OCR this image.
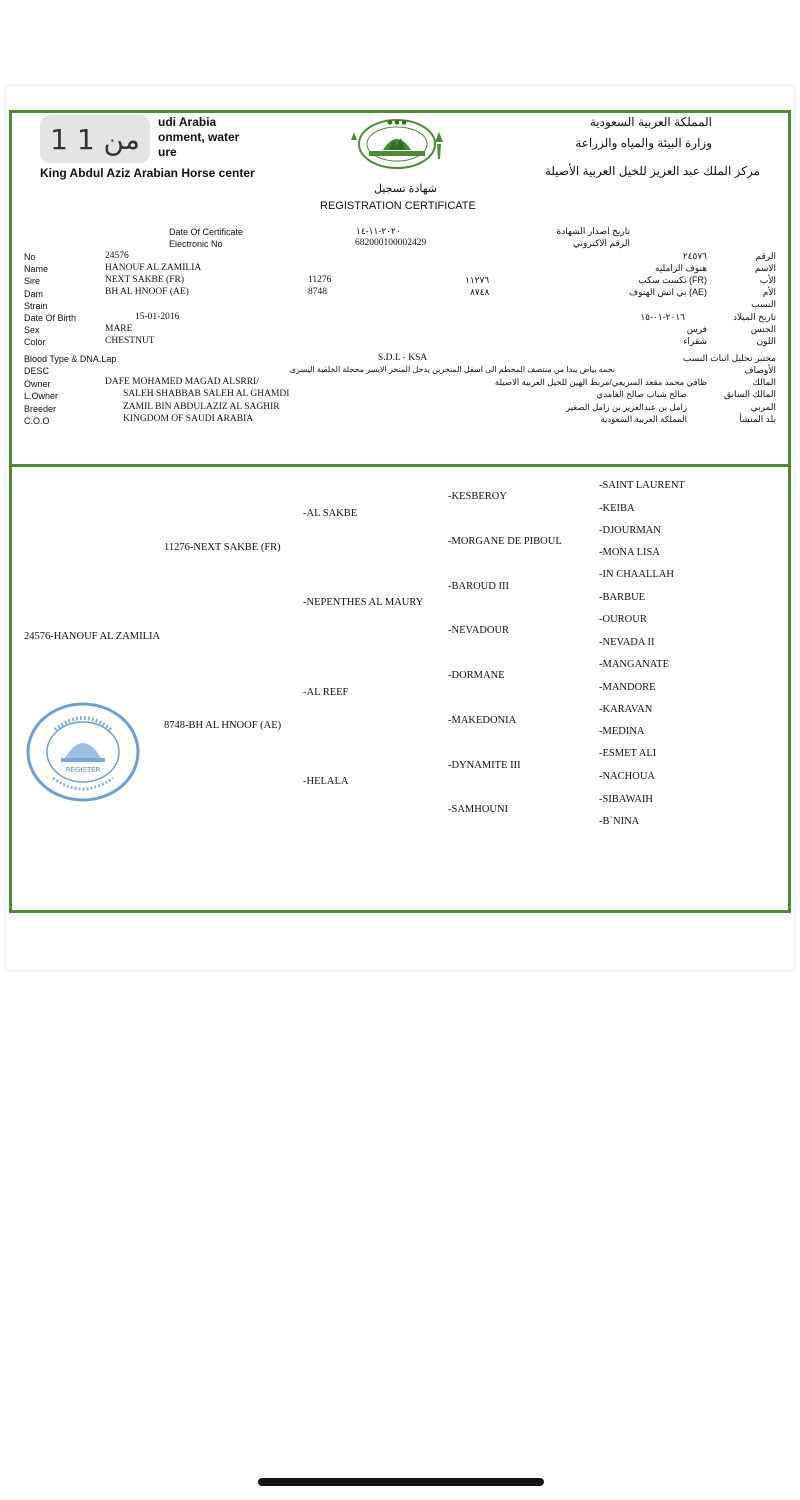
1 من 1
udi Arabia
onment, water
ure
King Abdul Aziz Arabian Horse center
المملكة العربية السعودية
وزارة البيئة والمياه والزراعة
مركز الملك عبد العزيز للخيل العربية الأصيلة
● ● ●
شهادة تسجيل
REGISTRATION CERTIFICATE
Date Of Certificate	٢٠٢٠-١١-١٤	تاريخ اصدار الشهادة
Electronic No	682000100002429	الرقم الاكتروني
No	24576	٢٤٥٧٦	الرقم
Name	HANOUF AL ZAMILIA	هنوف الزامليه	الاسم
Sire	NEXT SAKBE (FR)	11276	١١٢٧٦	(FR) نكست سكب	الأب
Dam	BH AL HNOOF (AE)	8748	٨٧٤٨	(AE) بي اتش الهنوف	الأم
Strain	النسب
Date Of Birth	15-01-2016	٢٠١٦-٠١-١٥	تاريخ الميلاد
Sex	MARE	فرس	الجنس
Color	CHESTNUT	شقراء	اللون
Blood Type & DNA.Lap	S.D.L - KSA	مختبر تحليل اثبات النسب
DESC	نجمه بياض يبدا من منتصف المخطم الى اسفل المنخرين يدخل المنخر الايسر محجلة الخلفية اليسرى	الأوصاف
Owner	DAFE MOHAMED MAGAD ALSRRI/	ظافي محمد مقعد السريعي/مربط الهين للخيل العربية الاصيلة	المالك
L.Owner	SALEH SHABBAB SALEH AL GHAMDI	صالح شباب صالح الغامدي	المالك السابق
Breeder	ZAMIL BIN ABDULAZIZ AL SAGHIR	زامل بن عبدالعزيز بن زامل الصغير	المربي
C.O.O	KINGDOM OF SAUDI ARABIA	المملكة العربية السعودية	بلد المنشأ
24576-HANOUF AL ZAMILIA
11276-NEXT SAKBE (FR)
8748-BH AL HNOOF (AE)
-AL SAKBE
-NEPENTHES AL MAURY
-AL REEF
-HELALA
-KESBEROY
-MORGANE DE PIBOUL
-BAROUD III
-NEVADOUR
-DORMANE
-MAKEDONIA
-DYNAMITE III
-SAMHOUNI
-SAINT LAURENT
-KEIBA
-DJOURMAN
-MONA LISA
-IN CHAALLAH
-BARBUE
-OUROUR
-NEVADA II
-MANGANATE
-MANDORE
-KARAVAN
-MEDINA
-ESMET ALI
-NACHOUA
-SIBAWAIH
-B`NINA
REGISTER
